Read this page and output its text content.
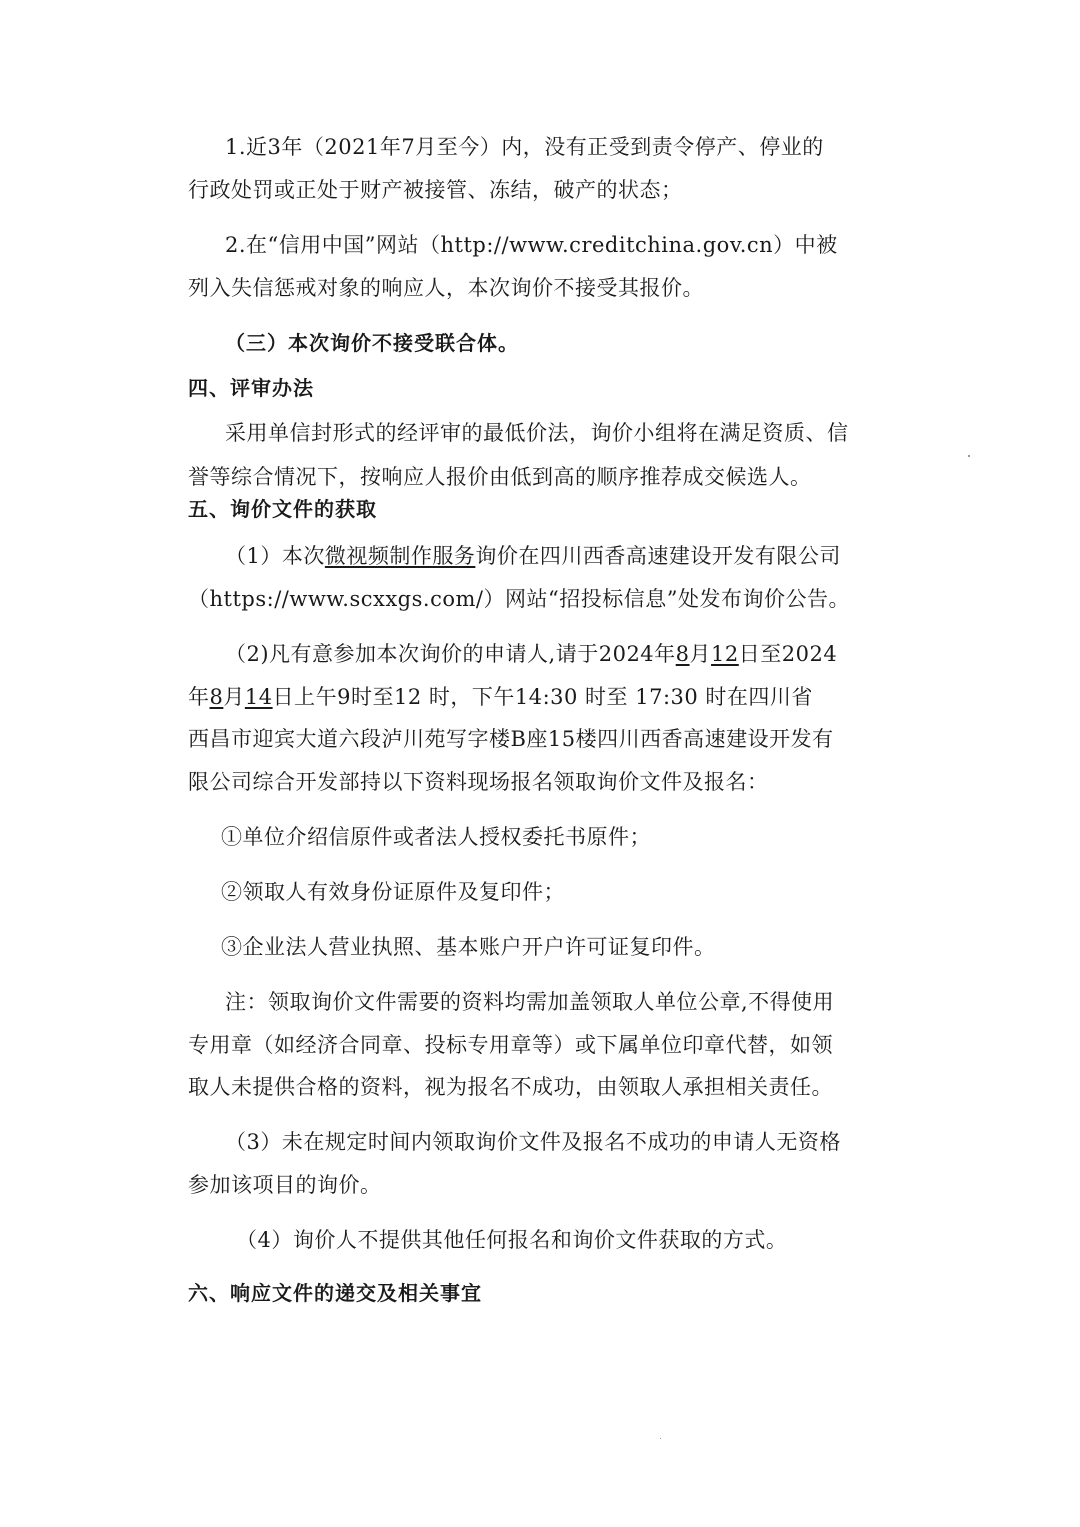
1.近3年（2021年7月至今）内，没有正受到责令停产、停业的
行政处罚或正处于财产被接管、冻结，破产的状态；
2.在“信用中国”网站（http://www.creditchina.gov.cn）中被
列入失信惩戒对象的响应人，本次询价不接受其报价。
（三）本次询价不接受联合体。
四、评审办法
采用单信封形式的经评审的最低价法，询价小组将在满足资质、信
誉等综合情况下，按响应人报价由低到高的顺序推荐成交候选人。
五、询价文件的获取
（1）本次微视频制作服务询价在四川西香高速建设开发有限公司
（https://www.scxxgs.com/）网站“招投标信息”处发布询价公告。
（2)凡有意参加本次询价的申请人,请于2024年8月12日至2024
年8月14日上午9时至12 时，下午14:30 时至 17:30 时在四川省
西昌市迎宾大道六段泸川苑写字楼B座15楼四川西香高速建设开发有
限公司综合开发部持以下资料现场报名领取询价文件及报名：
①单位介绍信原件或者法人授权委托书原件；
②领取人有效身份证原件及复印件；
③企业法人营业执照、基本账户开户许可证复印件。
注：领取询价文件需要的资料均需加盖领取人单位公章,不得使用
专用章（如经济合同章、投标专用章等）或下属单位印章代替，如领
取人未提供合格的资料，视为报名不成功，由领取人承担相关责任。
（3）未在规定时间内领取询价文件及报名不成功的申请人无资格
参加该项目的询价。
（4）询价人不提供其他任何报名和询价文件获取的方式。
六、响应文件的递交及相关事宜
